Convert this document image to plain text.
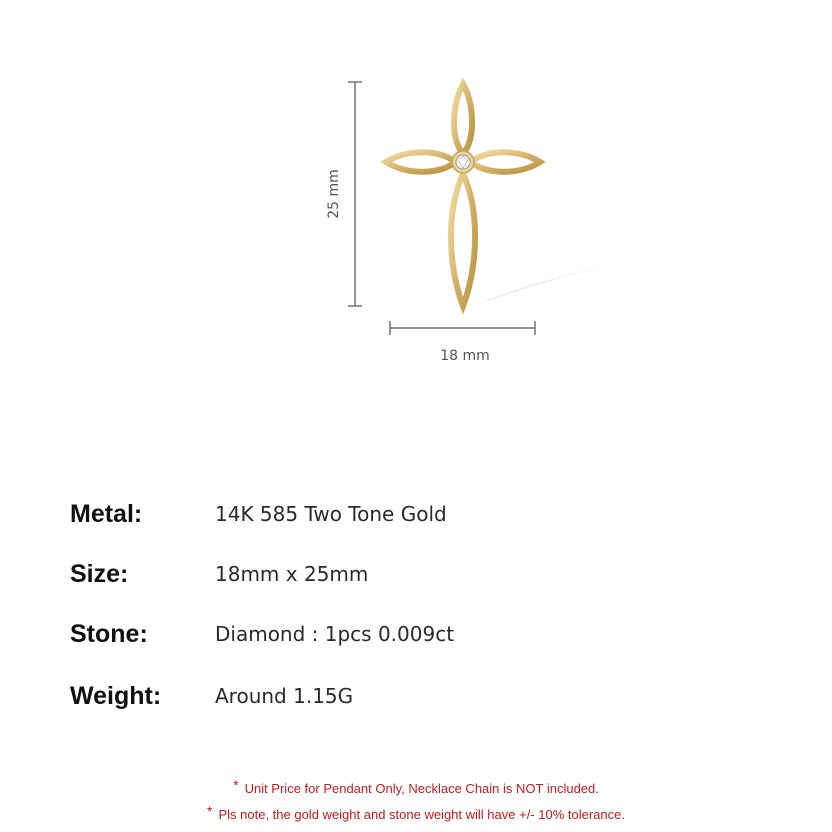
25 mm
18 mm
Metal:	14K 585 Two Tone Gold
Size:	18mm x 25mm
Stone:	Diamond : 1pcs 0.009ct
Weight:	Around 1.15G
* Unit Price for Pendant Only, Necklace Chain is NOT included.
* Pls note, the gold weight and stone weight will have +/- 10% tolerance.
